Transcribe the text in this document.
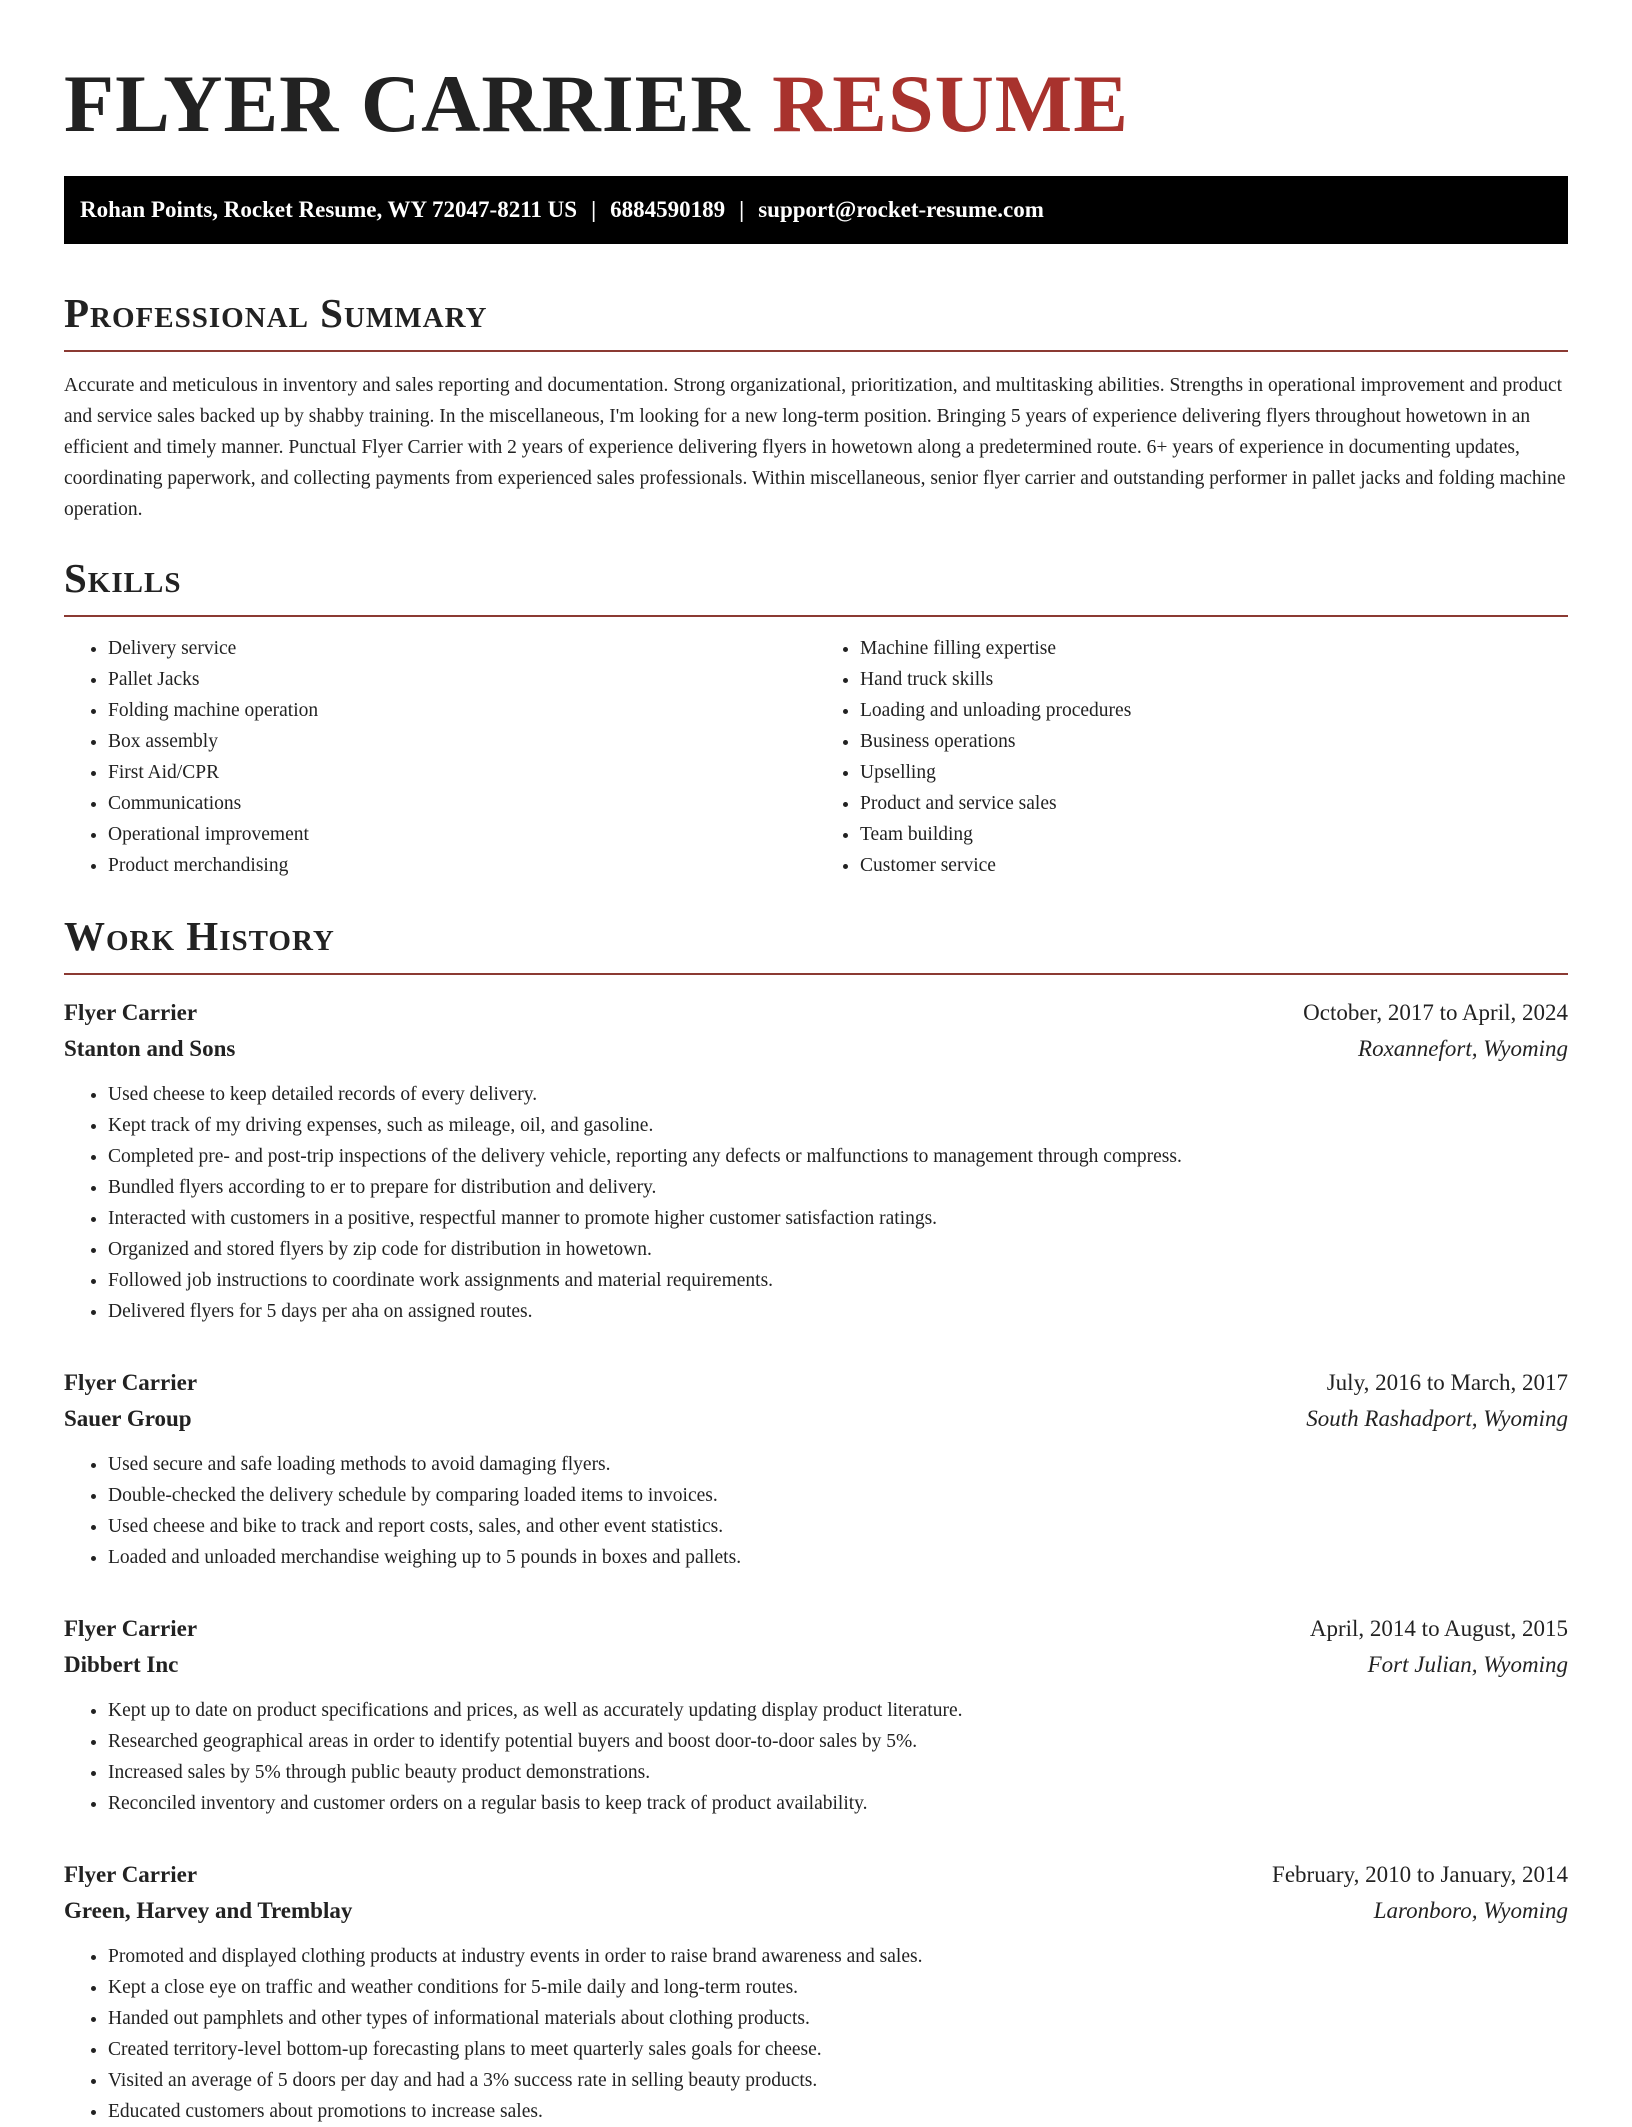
FLYER CARRIER RESUME
Rohan Points, Rocket Resume, WY 72047-8211 US | 6884590189 | support@rocket-resume.com
Professional Summary

Accurate and meticulous in inventory and sales reporting and documentation. Strong organizational, prioritization, and multitasking abilities. Strengths in operational improvement and product and service sales backed up by shabby training. In the miscellaneous, I'm looking for a new long-term position. Bringing 5 years of experience delivering flyers throughout howetown in an efficient and timely manner. Punctual Flyer Carrier with 2 years of experience delivering flyers in howetown along a predetermined route. 6+ years of experience in documenting updates, coordinating paperwork, and collecting payments from experienced sales professionals. Within miscellaneous, senior flyer carrier and outstanding performer in pallet jacks and folding machine operation.

Skills
• Delivery service
• Pallet Jacks
• Folding machine operation
• Box assembly
• First Aid/CPR
• Communications
• Operational improvement
• Product merchandising
• Machine filling expertise
• Hand truck skills
• Loading and unloading procedures
• Business operations
• Upselling
• Product and service sales
• Team building
• Customer service
Work History
Flyer Carrier	October, 2017 to April, 2024
Stanton and Sons	Roxannefort, Wyoming
• Used cheese to keep detailed records of every delivery.
• Kept track of my driving expenses, such as mileage, oil, and gasoline.
• Completed pre- and post-trip inspections of the delivery vehicle, reporting any defects or malfunctions to management through compress.
• Bundled flyers according to er to prepare for distribution and delivery.
• Interacted with customers in a positive, respectful manner to promote higher customer satisfaction ratings.
• Organized and stored flyers by zip code for distribution in howetown.
• Followed job instructions to coordinate work assignments and material requirements.
• Delivered flyers for 5 days per aha on assigned routes.
Flyer Carrier	July, 2016 to March, 2017
Sauer Group	South Rashadport, Wyoming
• Used secure and safe loading methods to avoid damaging flyers.
• Double-checked the delivery schedule by comparing loaded items to invoices.
• Used cheese and bike to track and report costs, sales, and other event statistics.
• Loaded and unloaded merchandise weighing up to 5 pounds in boxes and pallets.
Flyer Carrier	April, 2014 to August, 2015
Dibbert Inc	Fort Julian, Wyoming
• Kept up to date on product specifications and prices, as well as accurately updating display product literature.
• Researched geographical areas in order to identify potential buyers and boost door-to-door sales by 5%.
• Increased sales by 5% through public beauty product demonstrations.
• Reconciled inventory and customer orders on a regular basis to keep track of product availability.
Flyer Carrier	February, 2010 to January, 2014
Green, Harvey and Tremblay	Laronboro, Wyoming
• Promoted and displayed clothing products at industry events in order to raise brand awareness and sales.
• Kept a close eye on traffic and weather conditions for 5-mile daily and long-term routes.
• Handed out pamphlets and other types of informational materials about clothing products.
• Created territory-level bottom-up forecasting plans to meet quarterly sales goals for cheese.
• Visited an average of 5 doors per day and had a 3% success rate in selling beauty products.
• Educated customers about promotions to increase sales.
